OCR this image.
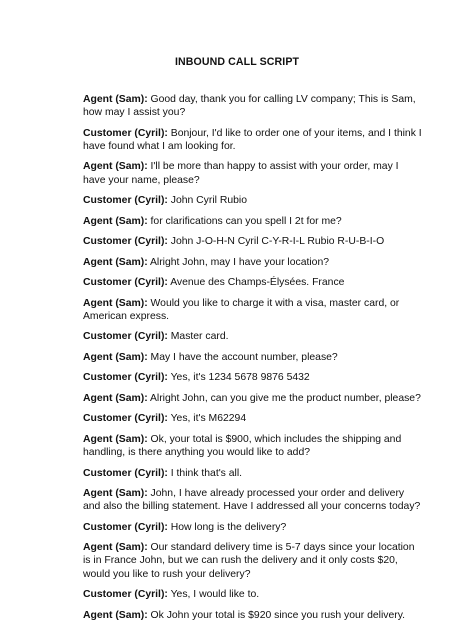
INBOUND CALL SCRIPT

Agent (Sam): Good day, thank you for calling LV company; This is Sam, how may I assist you?

Customer (Cyril): Bonjour, I'd like to order one of your items, and I think I have found what I am looking for.

Agent (Sam): I'll be more than happy to assist with your order, may I have your name, please?

Customer (Cyril): John Cyril Rubio

Agent (Sam): for clarifications can you spell I 2t for me?

Customer (Cyril): John J-O-H-N Cyril C-Y-R-I-L Rubio R-U-B-I-O

Agent (Sam): Alright John, may I have your location?

Customer (Cyril): Avenue des Champs-Élysées. France

Agent (Sam): Would you like to charge it with a visa, master card, or American express.

Customer (Cyril): Master card.

Agent (Sam): May I have the account number, please?

Customer (Cyril): Yes, it's 1234 5678 9876 5432

Agent (Sam): Alright John, can you give me the product number, please?

Customer (Cyril): Yes, it's M62294

Agent (Sam): Ok, your total is $900, which includes the shipping and handling, is there anything you would like to add?

Customer (Cyril): I think that's all.

Agent (Sam): John, I have already processed your order and delivery and also the billing statement. Have I addressed all your concerns today?

Customer (Cyril): How long is the delivery?

Agent (Sam): Our standard delivery time is 5-7 days since your location is in France John, but we can rush the delivery and it only costs $20, would you like to rush your delivery?

Customer (Cyril): Yes, I would like to.

Agent (Sam): Ok John your total is $920 since you rush your delivery.
